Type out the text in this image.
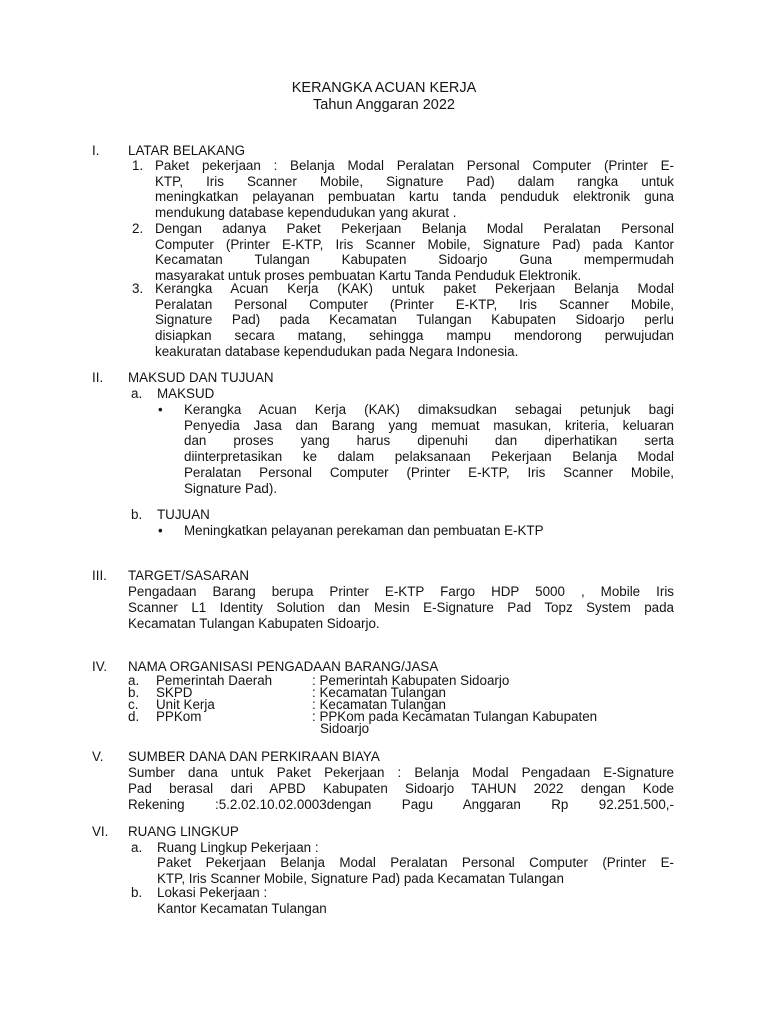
KERANGKA ACUAN KERJA
Tahun Anggaran 2022
I. LATAR BELAKANG
1. Paket pekerjaan : Belanja Modal Peralatan Personal Computer (Printer E-
KTP, Iris Scanner Mobile, Signature Pad) dalam rangka untuk
meningkatkan pelayanan pembuatan kartu tanda penduduk elektronik guna
mendukung database kependudukan yang akurat .
2. Dengan adanya Paket Pekerjaan Belanja Modal Peralatan Personal
Computer (Printer E-KTP, Iris Scanner Mobile, Signature Pad) pada Kantor
Kecamatan Tulangan Kabupaten Sidoarjo Guna mempermudah
masyarakat untuk proses pembuatan Kartu Tanda Penduduk Elektronik.
3. Kerangka Acuan Kerja (KAK) untuk paket Pekerjaan Belanja Modal
Peralatan Personal Computer (Printer E-KTP, Iris Scanner Mobile,
Signature Pad) pada Kecamatan Tulangan Kabupaten Sidoarjo perlu
disiapkan secara matang, sehingga mampu mendorong perwujudan
keakuratan database kependudukan pada Negara Indonesia.
II. MAKSUD DAN TUJUAN
a. MAKSUD
• Kerangka Acuan Kerja (KAK) dimaksudkan sebagai petunjuk bagi
Penyedia Jasa dan Barang yang memuat masukan, kriteria, keluaran
dan proses yang harus dipenuhi dan diperhatikan serta
diinterpretasikan ke dalam pelaksanaan Pekerjaan Belanja Modal
Peralatan Personal Computer (Printer E-KTP, Iris Scanner Mobile,
Signature Pad).
b. TUJUAN
• Meningkatkan pelayanan perekaman dan pembuatan E-KTP
III. TARGET/SASARAN
Pengadaan Barang berupa Printer E-KTP Fargo HDP 5000 , Mobile Iris
Scanner L1 Identity Solution dan Mesin E-Signature Pad Topz System pada
Kecamatan Tulangan Kabupaten Sidoarjo.
IV. NAMA ORGANISASI PENGADAAN BARANG/JASA
a. Pemerintah Daerah	: Pemerintah Kabupaten Sidoarjo
b. SKPD	: Kecamatan Tulangan
c. Unit Kerja	: Kecamatan Tulangan
d. PPKom	: PPKom pada Kecamatan Tulangan Kabupaten
Sidoarjo
V. SUMBER DANA DAN PERKIRAAN BIAYA
Sumber dana untuk Paket Pekerjaan : Belanja Modal Pengadaan E-Signature
Pad berasal dari APBD Kabupaten Sidoarjo TAHUN 2022 dengan Kode
Rekening :5.2.02.10.02.0003dengan Pagu Anggaran Rp 92.251.500,-
VI. RUANG LINGKUP
a. Ruang Lingkup Pekerjaan :
Paket Pekerjaan Belanja Modal Peralatan Personal Computer (Printer E-
KTP, Iris Scanner Mobile, Signature Pad) pada Kecamatan Tulangan
b. Lokasi Pekerjaan :
Kantor Kecamatan Tulangan
